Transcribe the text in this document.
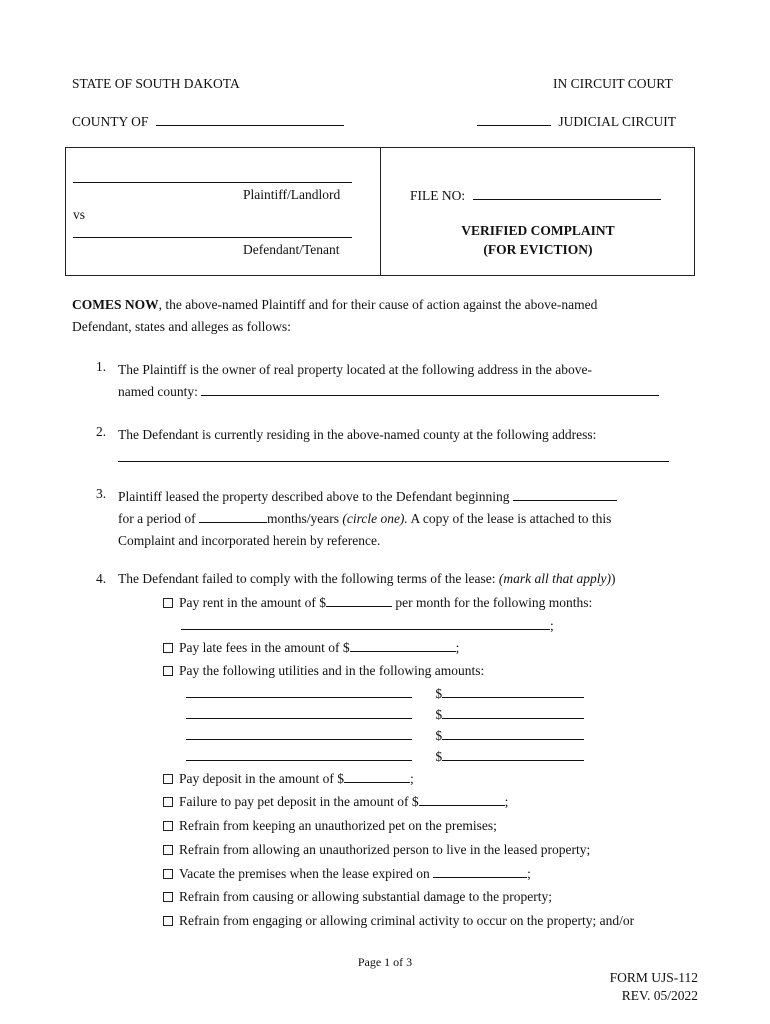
STATE OF SOUTH DAKOTA	IN CIRCUIT COURT
COUNTY OF	JUDICIAL CIRCUIT
Plaintiff/Landlord
vs
Defendant/Tenant
FILE NO:
VERIFIED COMPLAINT
(FOR EVICTION)
COMES NOW, the above-named Plaintiff and for their cause of action against the above-named
Defendant, states and alleges as follows:
1. The Plaintiff is the owner of real property located at the following address in the above-
named county:
2. The Defendant is currently residing in the above-named county at the following address:
3. Plaintiff leased the property described above to the Defendant beginning
for a period of	months/years (circle one). A copy of the lease is attached to this
Complaint and incorporated herein by reference.
4. The Defendant failed to comply with the following terms of the lease: (mark all that apply))
Pay rent in the amount of $	per month for the following months:
;
Pay late fees in the amount of $	;
Pay the following utilities and in the following amounts:
$
$
$
$
Pay deposit in the amount of $	;
Failure to pay pet deposit in the amount of $	;
Refrain from keeping an unauthorized pet on the premises;
Refrain from allowing an unauthorized person to live in the leased property;
Vacate the premises when the lease expired on	;
Refrain from causing or allowing substantial damage to the property;
Refrain from engaging or allowing criminal activity to occur on the property; and/or
Page 1 of 3
FORM UJS-112
REV. 05/2022
